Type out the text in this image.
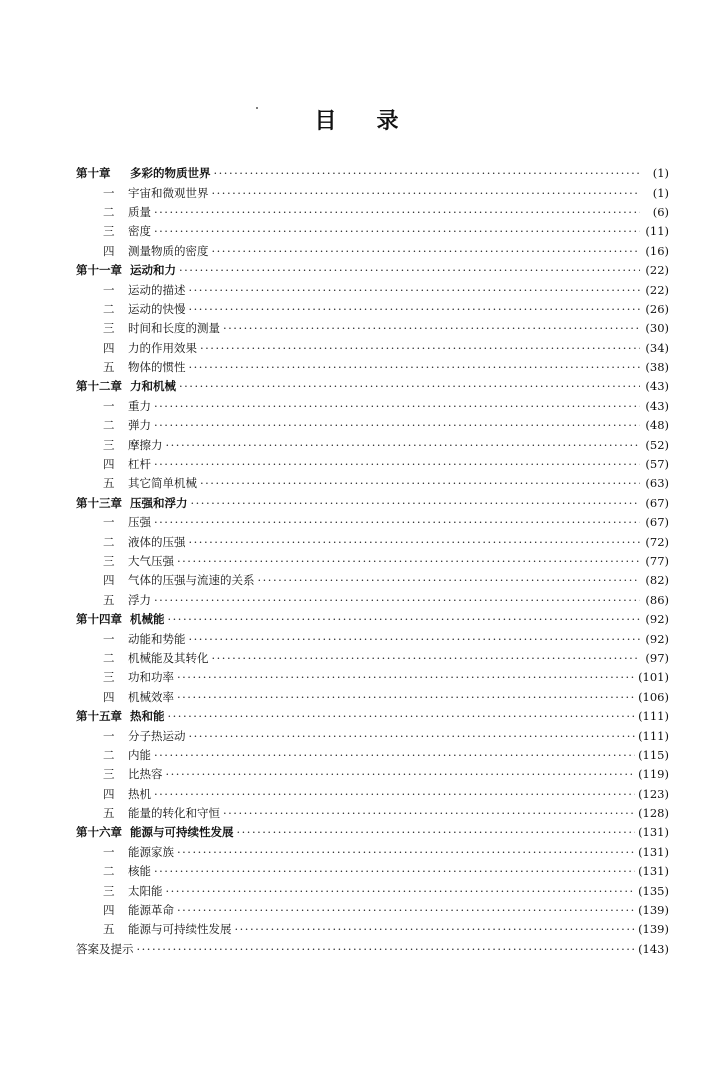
目 录
第十章	多彩的物质世界 ·····	(1)
一	宇宙和微观世界 ·····	(1)
二	质量 ·····	(6)
三	密度 ·····	(11)
四	测量物质的密度 ·····	(16)
第十一章 运动和力 ·····	(22)
一	运动的描述 ·····	(22)
二	运动的快慢 ·····	(26)
三	时间和长度的测量 ·····	(30)
四	力的作用效果 ·····	(34)
五	物体的惯性 ·····	(38)
第十二章 力和机械 ·····	(43)
一	重力 ·····	(43)
二	弹力 ·····	(48)
三	摩擦力 ·····	(52)
四	杠杆 ·····	(57)
五	其它简单机械 ·····	(63)
第十三章 压强和浮力 ·····	(67)
一	压强 ·····	(67)
二	液体的压强 ·····	(72)
三	大气压强 ·····	(77)
四	气体的压强与流速的关系 ·····	(82)
五	浮力 ·····	(86)
第十四章 机械能 ·····	(92)
一	动能和势能 ·····	(92)
二	机械能及其转化 ·····	(97)
三	功和功率 ·····	(101)
四	机械效率 ·····	(106)
第十五章 热和能 ·····	(111)
一	分子热运动 ·····	(111)
二	内能 ·····	(115)
三	比热容 ·····	(119)
四	热机 ·····	(123)
五	能量的转化和守恒 ·····	(128)
第十六章 能源与可持续性发展 ·····	(131)
一	能源家族 ·····	(131)
二	核能 ·····	(131)
三	太阳能 ·····	(135)
四	能源革命 ·····	(139)
五	能源与可持续性发展 ·····	(139)
答案及提示 ·····	(143)
